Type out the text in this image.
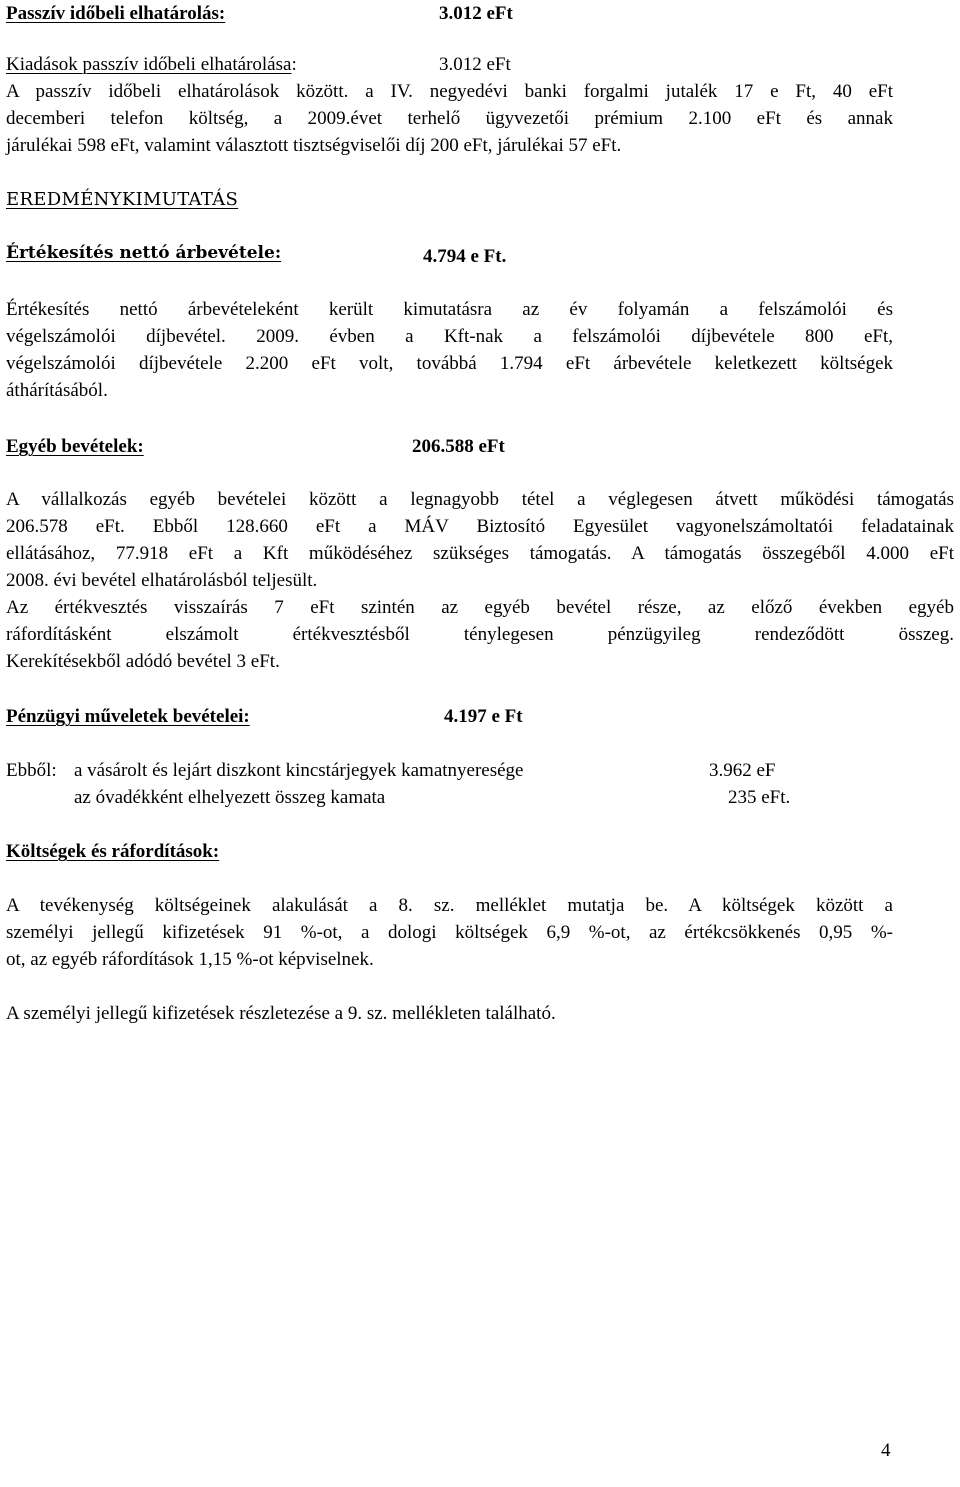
Passzív időbeli elhatárolás:	3.012 eFt
Kiadások passzív időbeli elhatárolása:	3.012 eFt
A passzív időbeli elhatárolások között. a IV. negyedévi banki forgalmi jutalék 17 e Ft, 40 eFt
decemberi telefon költség, a 2009.évet terhelő ügyvezetői prémium 2.100 eFt és annak
járulékai 598 eFt, valamint választott tisztségviselői díj 200 eFt, járulékai 57 eFt.
EREDMÉNYKIMUTATÁS
Értékesítés nettó árbevétele:	4.794 e Ft.
Értékesítés nettó árbevételeként került kimutatásra az év folyamán a felszámolói és
végelszámolói díjbevétel. 2009. évben a Kft-nak a felszámolói díjbevétele 800 eFt,
végelszámolói díjbevétele 2.200 eFt volt, továbbá 1.794 eFt árbevétele keletkezett költségek
áthárításából.
Egyéb bevételek:	206.588 eFt
A vállalkozás egyéb bevételei között a legnagyobb tétel a véglegesen átvett működési támogatás
206.578 eFt. Ebből 128.660 eFt a MÁV Biztosító Egyesület vagyonelszámoltatói feladatainak
ellátásához, 77.918 eFt a Kft működéséhez szükséges támogatás. A támogatás összegéből 4.000 eFt
2008. évi bevétel elhatárolásból teljesült.
Az értékvesztés visszaírás 7 eFt szintén az egyéb bevétel része, az előző években egyéb
ráfordításként elszámolt értékvesztésből ténylegesen pénzügyileg rendeződött összeg.
Kerekítésekből adódó bevétel 3 eFt.
Pénzügyi műveletek bevételei:	4.197 e Ft
Ebből: a vásárolt és lejárt diszkont kincstárjegyek kamatnyeresége	3.962 eF
az óvadékként elhelyezett összeg kamata	235 eFt.
Költségek és ráfordítások:
A tevékenység költségeinek alakulását a 8. sz. melléklet mutatja be. A költségek között a
személyi jellegű kifizetések 91 %-ot, a dologi költségek 6,9 %-ot, az értékcsökkenés 0,95 %-
ot, az egyéb ráfordítások 1,15 %-ot képviselnek.
A személyi jellegű kifizetések részletezése a 9. sz. mellékleten található.
4
